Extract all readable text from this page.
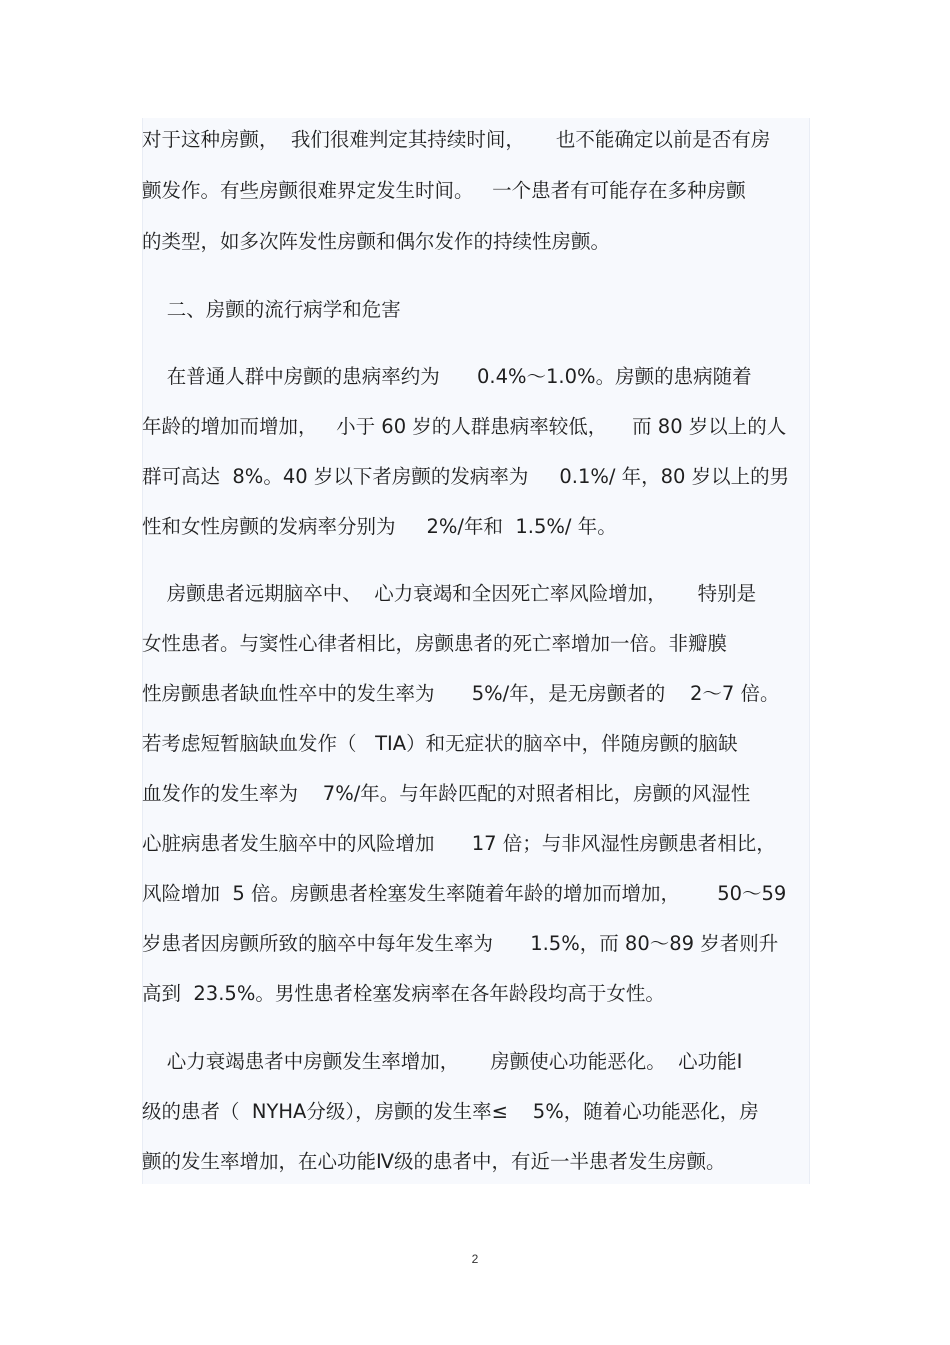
对于这种房颤，  我们很难判定其持续时间，     也不能确定以前是否有房
颤发作。有些房颤很难界定发生时间。   一个患者有可能存在多种房颤
的类型，如多次阵发性房颤和偶尔发作的持续性房颤。
二、房颤的流行病学和危害
在普通人群中房颤的患病率约为      0.4%～1.0%。房颤的患病随着
年龄的增加而增加，   小于 60 岁的人群患病率较低，    而 80 岁以上的人
群可高达  8%。40 岁以下者房颤的发病率为     0.1%/ 年，80 岁以上的男
性和女性房颤的发病率分别为     2%/年和  1.5%/ 年。
房颤患者远期脑卒中、  心力衰竭和全因死亡率风险增加，     特别是
女性患者。与窦性心律者相比，房颤患者的死亡率增加一倍。非瓣膜
性房颤患者缺血性卒中的发生率为      5%/年，是无房颤者的    2～7 倍。
若考虑短暂脑缺血发作（   TIA）和无症状的脑卒中，伴随房颤的脑缺
血发作的发生率为    7%/年。与年龄匹配的对照者相比，房颤的风湿性
心脏病患者发生脑卒中的风险增加      17 倍；与非风湿性房颤患者相比，
风险增加  5 倍。房颤患者栓塞发生率随着年龄的增加而增加，      50～59
岁患者因房颤所致的脑卒中每年发生率为      1.5%，而 80～89 岁者则升
高到  23.5%。男性患者栓塞发病率在各年龄段均高于女性。
心力衰竭患者中房颤发生率增加，     房颤使心功能恶化。  心功能Ⅰ
级的患者（  NYHA分级），房颤的发生率≤    5%，随着心功能恶化，房
颤的发生率增加，在心功能Ⅳ级的患者中，有近一半患者发生房颤。
2
